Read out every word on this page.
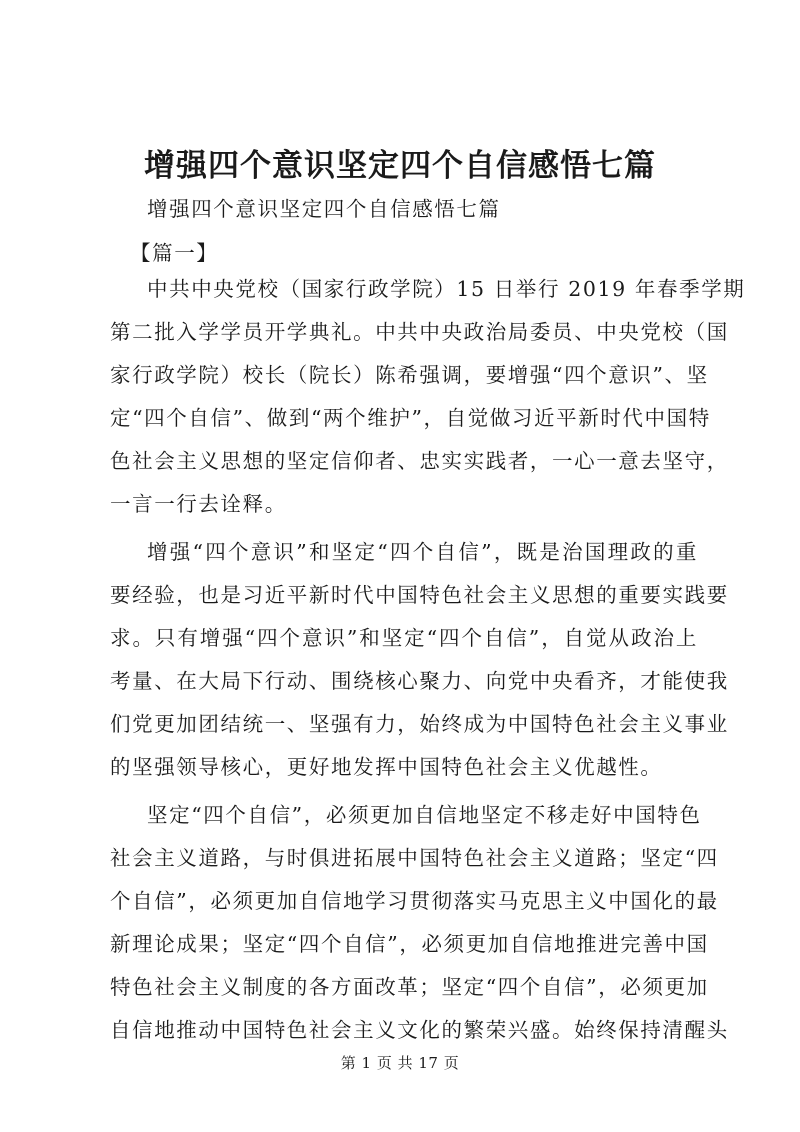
增强四个意识坚定四个自信感悟七篇
增强四个意识坚定四个自信感悟七篇
【篇一】
中共中央党校（国家行政学院）15 日举行 2019 年春季学期
第二批入学学员开学典礼。中共中央政治局委员、中央党校（国
家行政学院）校长（院长）陈希强调，要增强“四个意识”、坚
定“四个自信”、做到“两个维护”，自觉做习近平新时代中国特
色社会主义思想的坚定信仰者、忠实实践者，一心一意去坚守，
一言一行去诠释。
增强“四个意识”和坚定“四个自信”，既是治国理政的重
要经验，也是习近平新时代中国特色社会主义思想的重要实践要
求。只有增强“四个意识”和坚定“四个自信”，自觉从政治上
考量、在大局下行动、围绕核心聚力、向党中央看齐，才能使我
们党更加团结统一、坚强有力，始终成为中国特色社会主义事业
的坚强领导核心，更好地发挥中国特色社会主义优越性。
坚定“四个自信”，必须更加自信地坚定不移走好中国特色
社会主义道路，与时俱进拓展中国特色社会主义道路；坚定“四
个自信”，必须更加自信地学习贯彻落实马克思主义中国化的最
新理论成果；坚定“四个自信”，必须更加自信地推进完善中国
特色社会主义制度的各方面改革；坚定“四个自信”，必须更加
自信地推动中国特色社会主义文化的繁荣兴盛。始终保持清醒头
第 1 页 共 17 页
